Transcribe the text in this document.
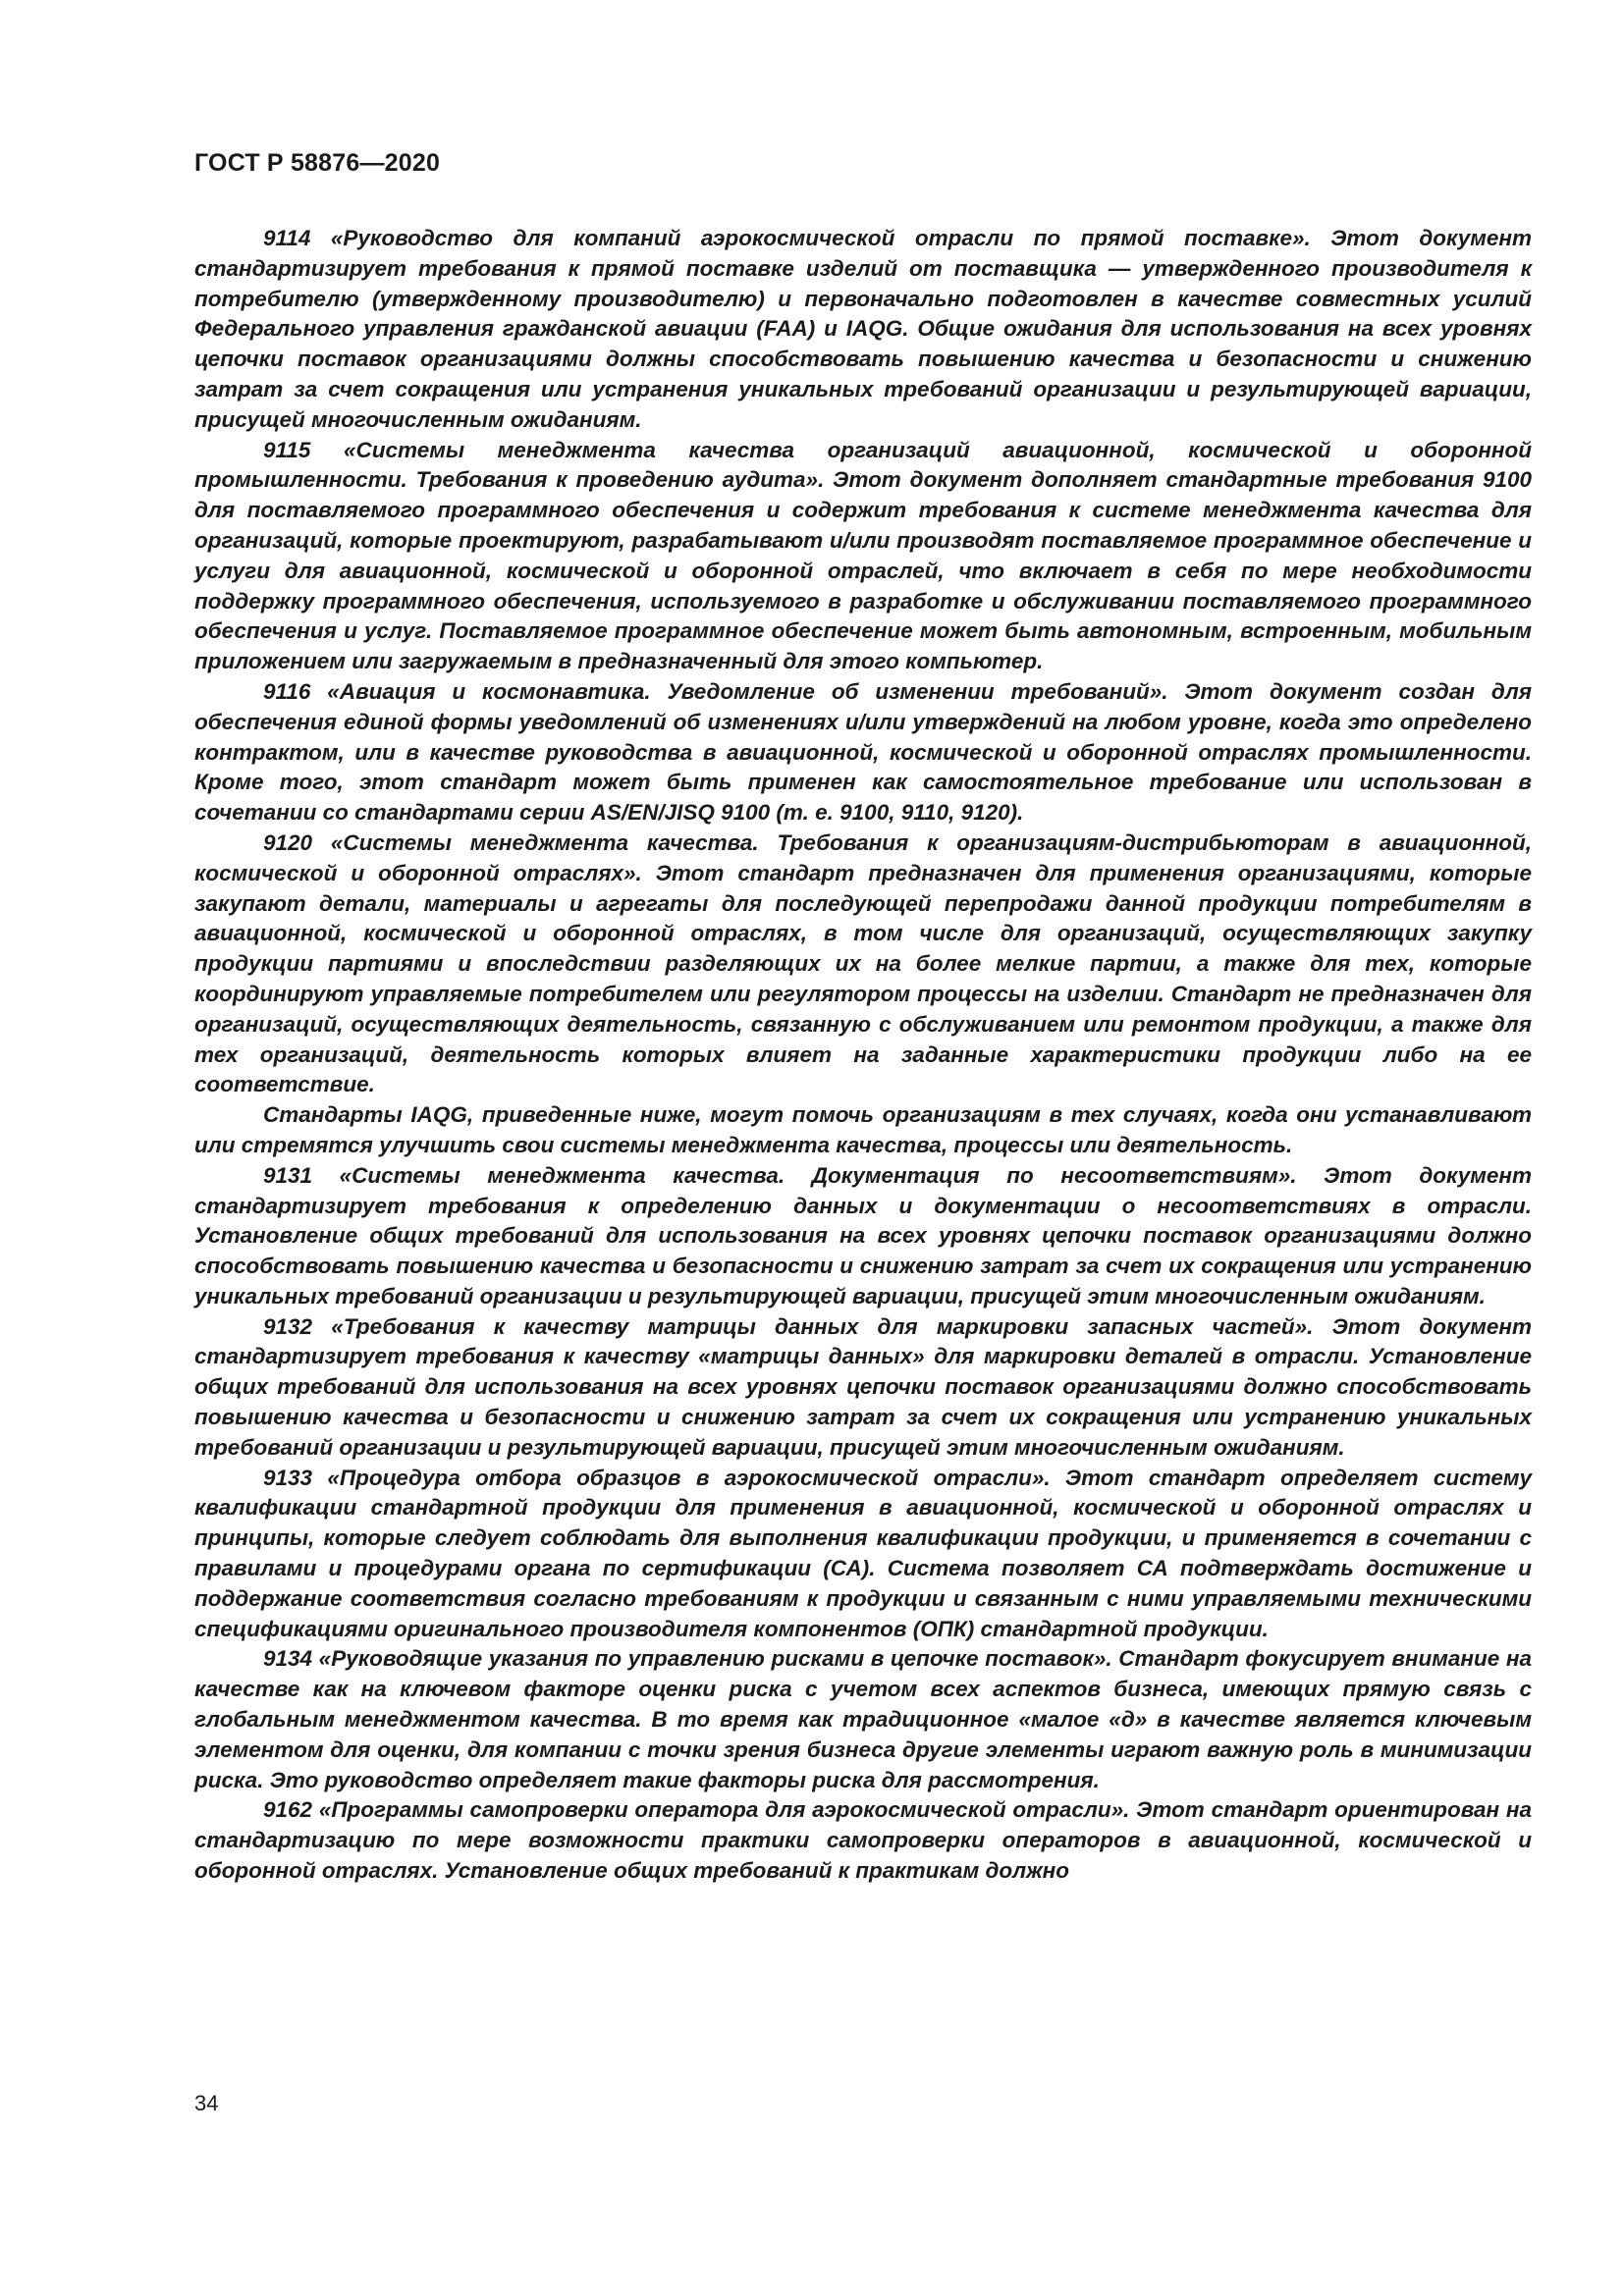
ГОСТ Р 58876—2020

9114 «Руководство для компаний аэрокосмической отрасли по прямой поставке». Этот документ стандартизирует требования к прямой поставке изделий от поставщика — утвержденного производителя к потребителю (утвержденному производителю) и первоначально подготовлен в качестве совместных усилий Федерального управления гражданской авиации (FAA) и IAQG. Общие ожидания для использования на всех уровнях цепочки поставок организациями должны способствовать повышению качества и безопасности и снижению затрат за счет сокращения или устранения уникальных требований организации и результирующей вариации, присущей многочисленным ожиданиям.

9115 «Системы менеджмента качества организаций авиационной, космической и оборонной промышленности. Требования к проведению аудита». Этот документ дополняет стандартные требования 9100 для поставляемого программного обеспечения и содержит требования к системе менеджмента качества для организаций, которые проектируют, разрабатывают и/или производят поставляемое программное обеспечение и услуги для авиационной, космической и оборонной отраслей, что включает в себя по мере необходимости поддержку программного обеспечения, используемого в разработке и обслуживании поставляемого программного обеспечения и услуг. Поставляемое программное обеспечение может быть автономным, встроенным, мобильным приложением или загружаемым в предназначенный для этого компьютер.

9116 «Авиация и космонавтика. Уведомление об изменении требований». Этот документ создан для обеспечения единой формы уведомлений об изменениях и/или утверждений на любом уровне, когда это определено контрактом, или в качестве руководства в авиационной, космической и оборонной отраслях промышленности. Кроме того, этот стандарт может быть применен как самостоятельное требование или использован в сочетании со стандартами серии AS/EN/JISQ 9100 (т. е. 9100, 9110, 9120).

9120 «Системы менеджмента качества. Требования к организациям-дистрибьюторам в авиационной, космической и оборонной отраслях». Этот стандарт предназначен для применения организациями, которые закупают детали, материалы и агрегаты для последующей перепродажи данной продукции потребителям в авиационной, космической и оборонной отраслях, в том числе для организаций, осуществляющих закупку продукции партиями и впоследствии разделяющих их на более мелкие партии, а также для тех, которые координируют управляемые потребителем или регулятором процессы на изделии. Стандарт не предназначен для организаций, осуществляющих деятельность, связанную с обслуживанием или ремонтом продукции, а также для тех организаций, деятельность которых влияет на заданные характеристики продукции либо на ее соответствие.

Стандарты IAQG, приведенные ниже, могут помочь организациям в тех случаях, когда они устанавливают или стремятся улучшить свои системы менеджмента качества, процессы или деятельность.

9131 «Системы менеджмента качества. Документация по несоответствиям». Этот документ стандартизирует требования к определению данных и документации о несоответствиях в отрасли. Установление общих требований для использования на всех уровнях цепочки поставок организациями должно способствовать повышению качества и безопасности и снижению затрат за счет их сокращения или устранению уникальных требований организации и результирующей вариации, присущей этим многочисленным ожиданиям.

9132 «Требования к качеству матрицы данных для маркировки запасных частей». Этот документ стандартизирует требования к качеству «матрицы данных» для маркировки деталей в отрасли. Установление общих требований для использования на всех уровнях цепочки поставок организациями должно способствовать повышению качества и безопасности и снижению затрат за счет их сокращения или устранению уникальных требований организации и результирующей вариации, присущей этим многочисленным ожиданиям.

9133 «Процедура отбора образцов в аэрокосмической отрасли». Этот стандарт определяет систему квалификации стандартной продукции для применения в авиационной, космической и оборонной отраслях и принципы, которые следует соблюдать для выполнения квалификации продукции, и применяется в сочетании с правилами и процедурами органа по сертификации (СА). Система позволяет СА подтверждать достижение и поддержание соответствия согласно требованиям к продукции и связанным с ними управляемыми техническими спецификациями оригинального производителя компонентов (ОПК) стандартной продукции.

9134 «Руководящие указания по управлению рисками в цепочке поставок». Стандарт фокусирует внимание на качестве как на ключевом факторе оценки риска с учетом всех аспектов бизнеса, имеющих прямую связь с глобальным менеджментом качества. В то время как традиционное «малое «д» в качестве является ключевым элементом для оценки, для компании с точки зрения бизнеса другие элементы играют важную роль в минимизации риска. Это руководство определяет такие факторы риска для рассмотрения.

9162 «Программы самопроверки оператора для аэрокосмической отрасли». Этот стандарт ориентирован на стандартизацию по мере возможности практики самопроверки операторов в авиационной, космической и оборонной отраслях. Установление общих требований к практикам должно

34
